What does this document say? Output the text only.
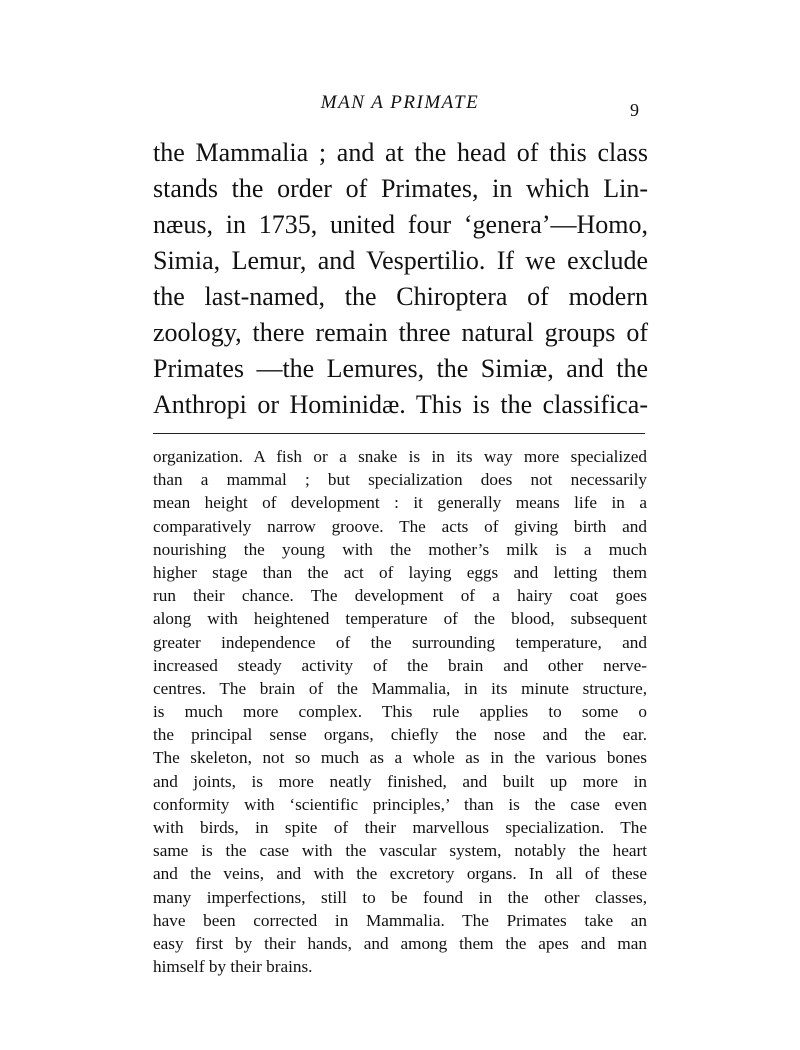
MAN A PRIMATE	9
the Mammalia ; and at the head of this class
stands the order of Primates, in which Lin-
næus, in 1735, united four ‘genera’—Homo,
Simia, Lemur, and Vespertilio. If we exclude
the last-named, the Chiroptera of modern
zoology, there remain three natural groups of
Primates —the Lemures, the Simiæ, and the
Anthropi or Hominidæ. This is the classifica-
organization. A fish or a snake is in its way more specialized
than a mammal ; but specialization does not necessarily
mean height of development : it generally means life in a
comparatively narrow groove. The acts of giving birth and
nourishing the young with the mother’s milk is a much
higher stage than the act of laying eggs and letting them
run their chance. The development of a hairy coat goes
along with heightened temperature of the blood, subsequent
greater independence of the surrounding temperature, and
increased steady activity of the brain and other nerve-
centres. The brain of the Mammalia, in its minute structure,
is much more complex. This rule applies to some o
the principal sense organs, chiefly the nose and the ear.
The skeleton, not so much as a whole as in the various bones
and joints, is more neatly finished, and built up more in
conformity with ‘scientific principles,’ than is the case even
with birds, in spite of their marvellous specialization. The
same is the case with the vascular system, notably the heart
and the veins, and with the excretory organs. In all of these
many imperfections, still to be found in the other classes,
have been corrected in Mammalia. The Primates take an
easy first by their hands, and among them the apes and man
himself by their brains.
